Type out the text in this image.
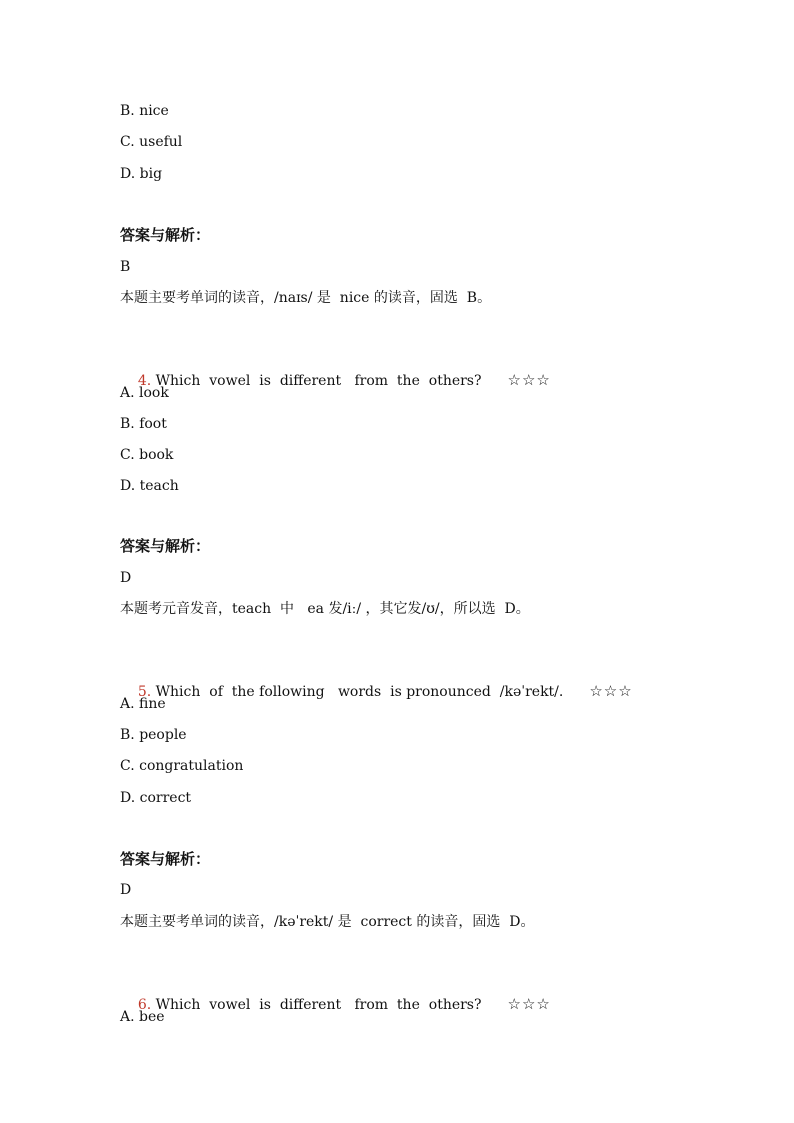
B. nice
C. useful
D. big
答案与解析：
B
本题主要考单词的读音，/naɪs/ 是  nice 的读音，固选  B。

4. Which  vowel  is  different   from  the  others? ☆☆☆

A. look
B. foot
C. book
D. teach
答案与解析：
D
本题考元音发音，teach  中   ea 发/iː/ ，其它发/ʊ/，所以选  D。

5. Which  of  the following   words  is pronounced  /kəˈrekt/. ☆☆☆

A. fine
B. people
C. congratulation
D. correct
答案与解析：
D
本题主要考单词的读音，/kəˈrekt/ 是  correct 的读音，固选  D。

6. Which  vowel  is  different   from  the  others? ☆☆☆

A. bee
